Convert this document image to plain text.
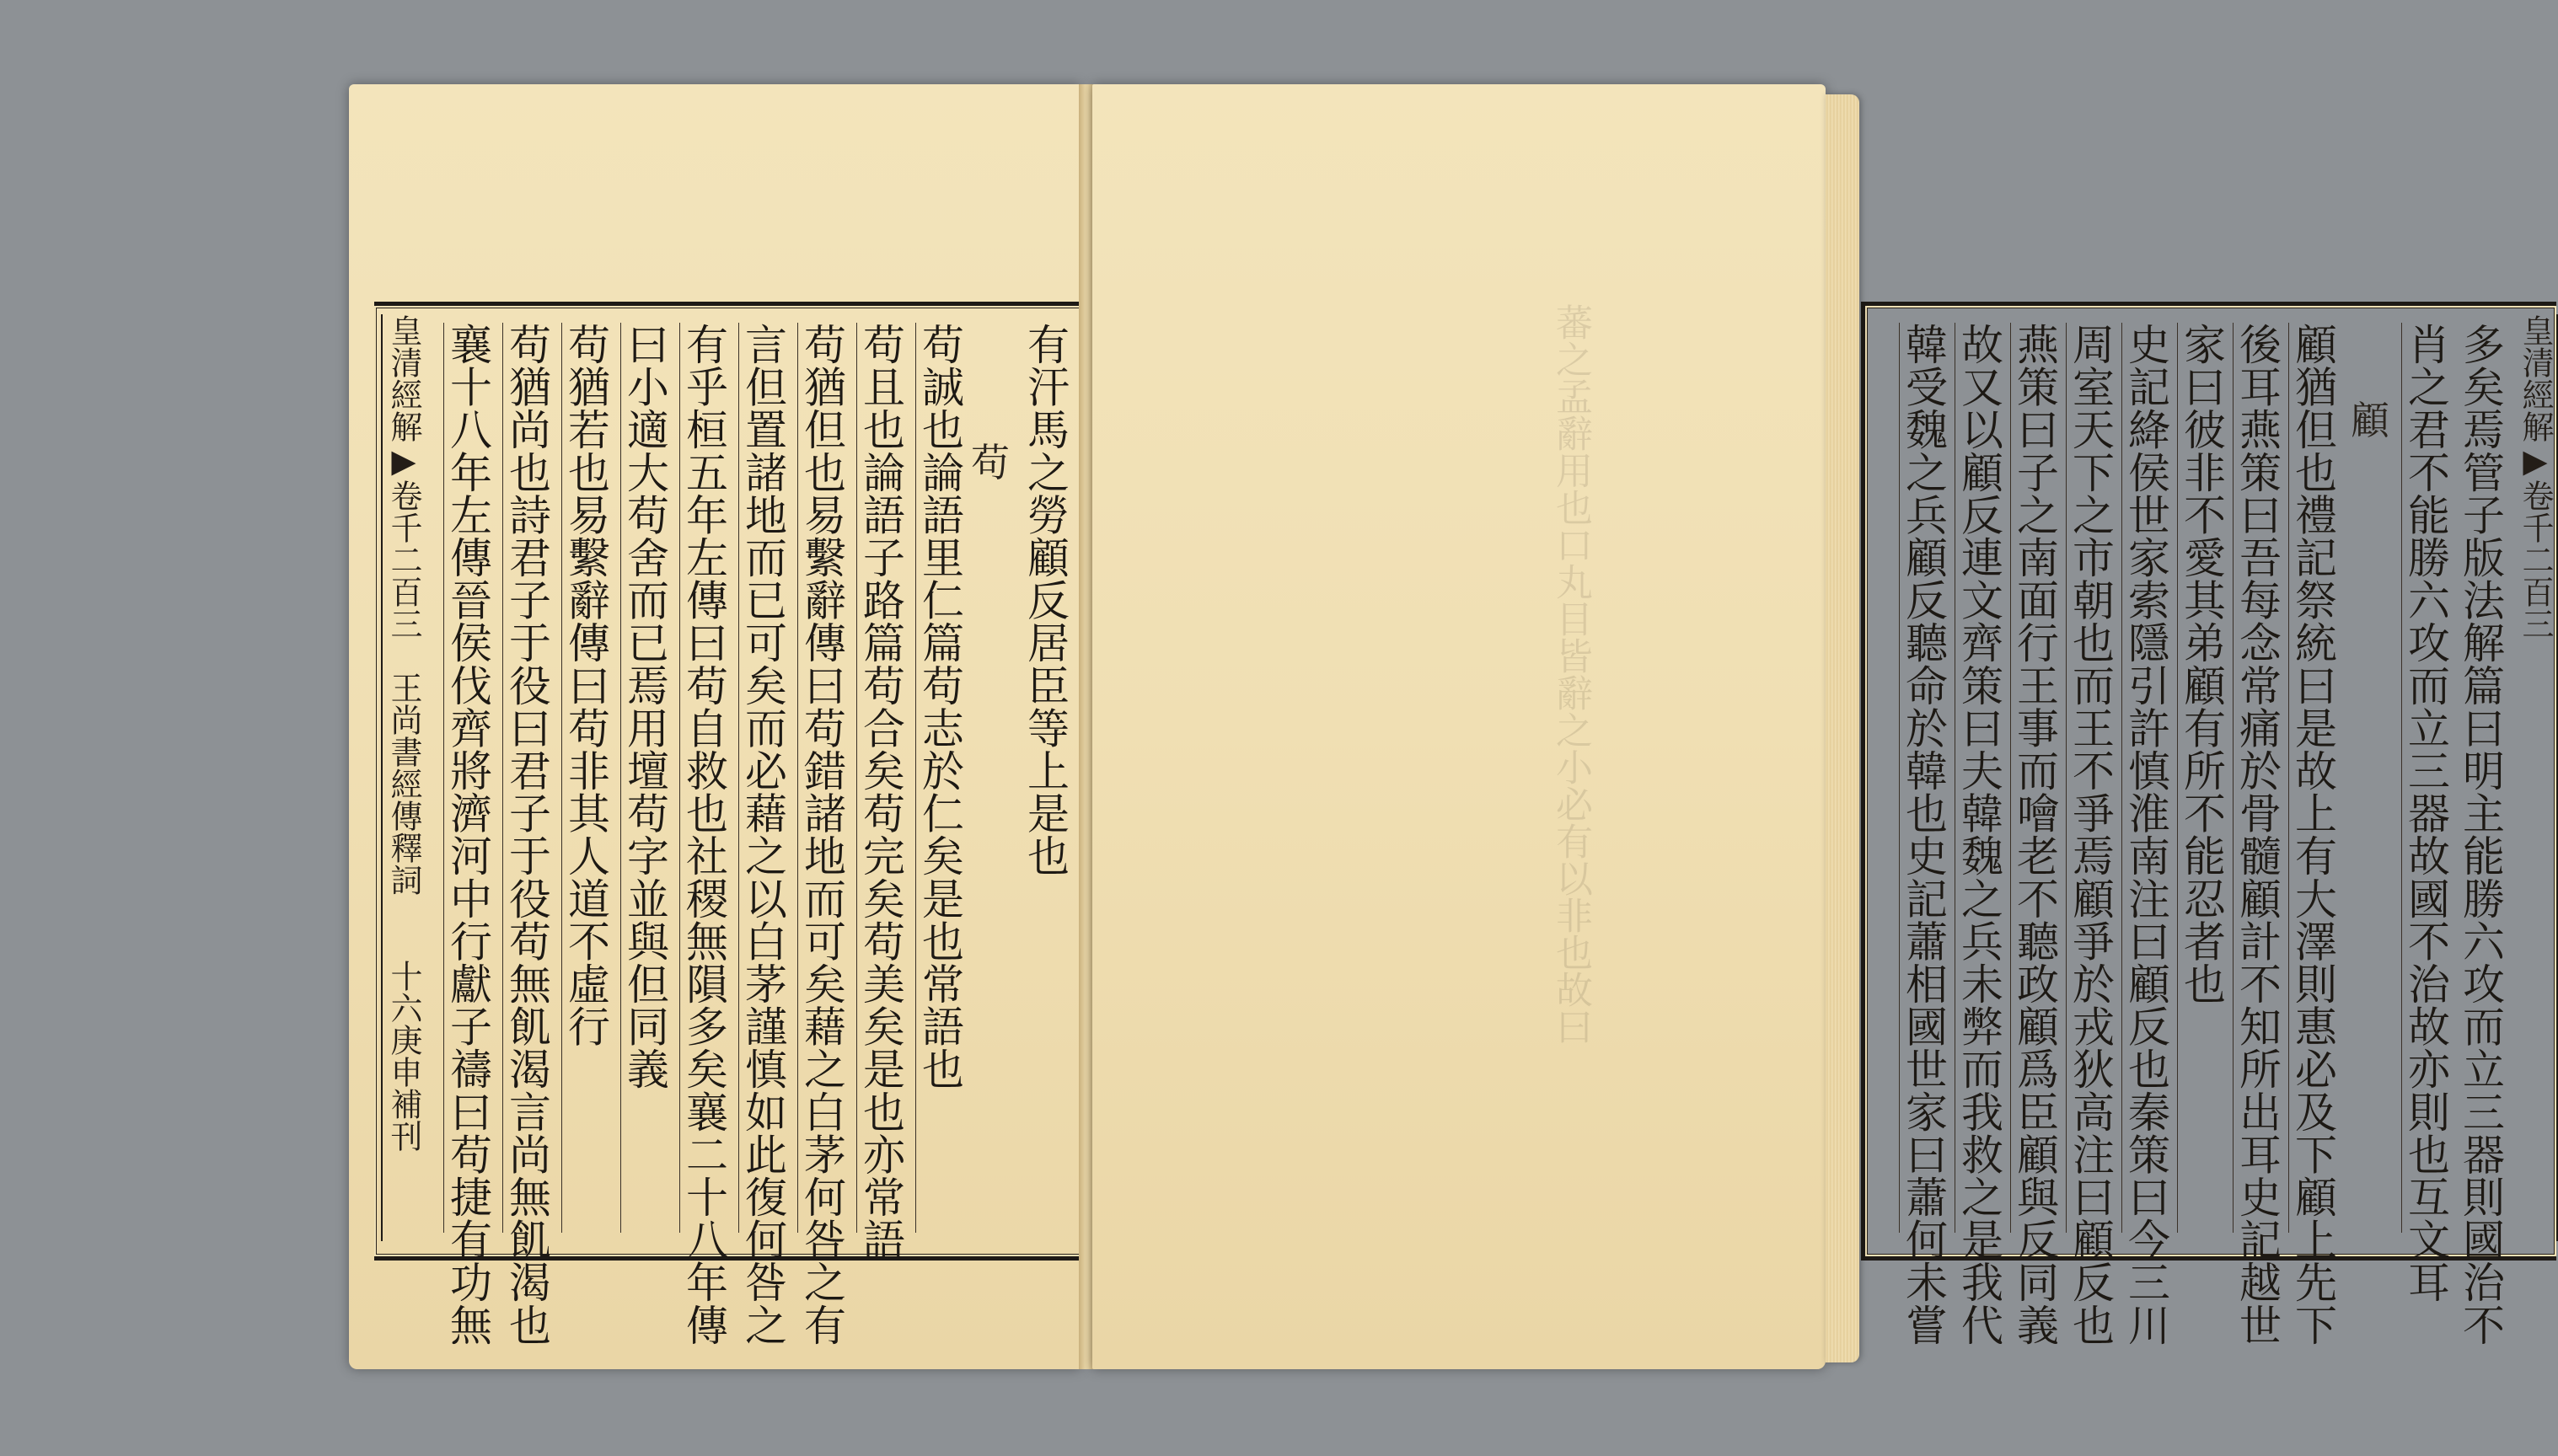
有汗馬之勞顧反居臣等上是也
苟
苟誠也論語里仁篇苟志於仁矣是也常語也
苟且也論語子路篇苟合矣苟完矣苟美矣是也亦常語
苟猶但也易繫辭傳曰苟錯諸地而可矣藉之白茅何咎之有
言但置諸地而已可矣而必藉之以白茅謹慎如此復何咎之
有乎桓五年左傳曰苟自救也社稷無隕多矣襄二十八年傳
曰小適大苟舍而已焉用壇苟字並與但同義
苟猶若也易繫辭傳曰苟非其人道不虛行
苟猶尚也詩君子于役曰君子于役苟無飢渴言尚無飢渴也
襄十八年左傳晉侯伐齊將濟河中行獻子禱曰苟捷有功無
皇清經解▶卷千二百三　王尚書經傳釋詞　　十六庚申補刊
蕃之孟辭用也口丸目皆辭之小必有以非也故曰	皇清經解▶卷千二百三
多矣焉管子版法解篇曰明主能勝六攻而立三器則國治不
肖之君不能勝六攻而立三器故國不治故亦則也互文耳
顧
顧猶但也禮記祭統曰是故上有大澤則惠必及下顧上先下
後耳燕策曰吾每念常痛於骨髓顧計不知所出耳史記越世
家曰彼非不愛其弟顧有所不能忍者也
史記絳侯世家索隱引許慎淮南注曰顧反也秦策曰今三川
周室天下之市朝也而王不爭焉顧爭於戎狄高注曰顧反也
燕策曰子之南面行王事而噲老不聽政顧爲臣顧與反同義
故又以顧反連文齊策曰夫韓魏之兵未弊而我救之是我代
韓受魏之兵顧反聽命於韓也史記蕭相國世家曰蕭何未嘗
